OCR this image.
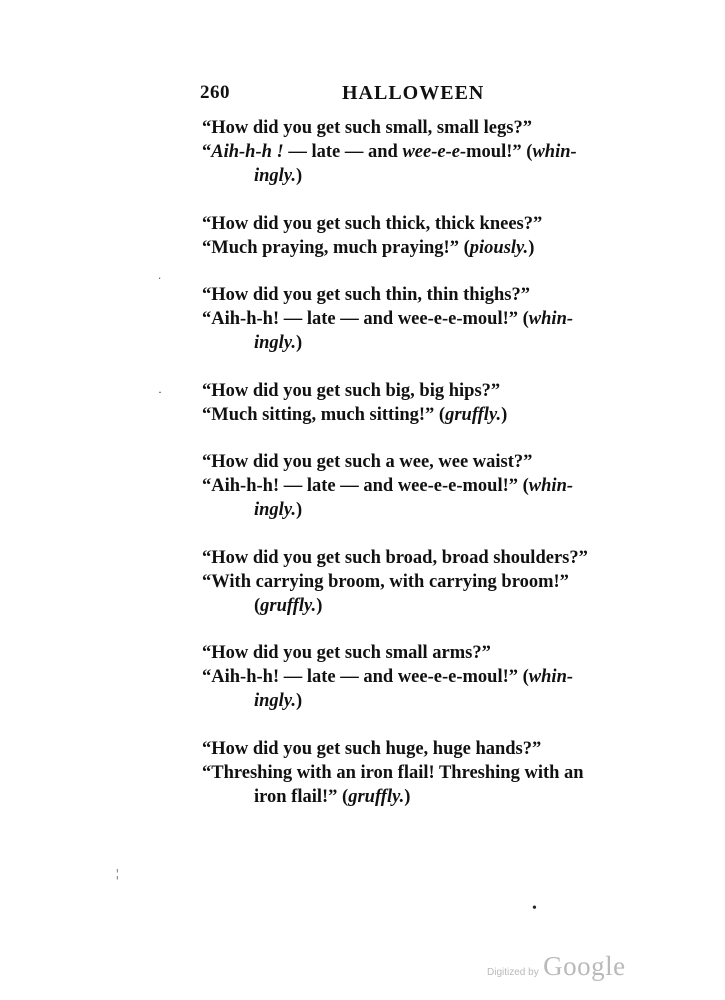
260	HALLOWEEN
“How did you get such small, small legs?”
“Aih-h-h ! — late — and wee-e-e-moul!” (whin-
ingly.)
“How did you get such thick, thick knees?”
“Much praying, much praying!” (piously.)
“How did you get such thin, thin thighs?”
“Aih-h-h! — late — and wee-e-e-moul!” (whin-
ingly.)
“How did you get such big, big hips?”
“Much sitting, much sitting!” (gruffly.)
“How did you get such a wee, wee waist?”
“Aih-h-h! — late — and wee-e-e-moul!” (whin-
ingly.)
“How did you get such broad, broad shoulders?”
“With carrying broom, with carrying broom!”
(gruffly.)
“How did you get such small arms?”
“Aih-h-h! — late — and wee-e-e-moul!” (whin-
ingly.)
“How did you get such huge, huge hands?”
“Threshing with an iron flail! Threshing with an
iron flail!” (gruffly.)
ˑ
·
¦
•
Digitized by Google
